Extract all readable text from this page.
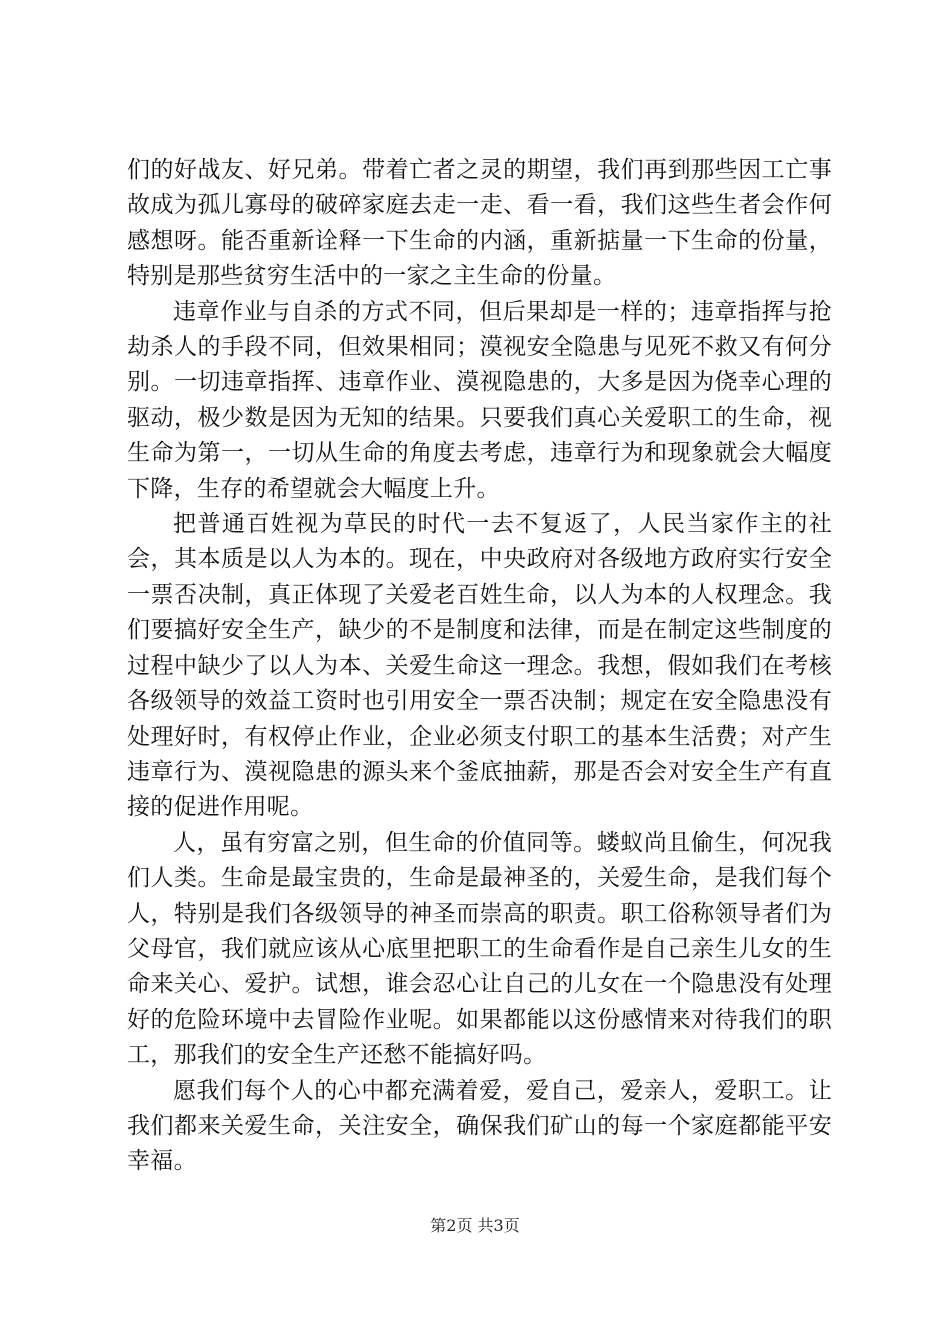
们的好战友、好兄弟。带着亡者之灵的期望，我们再到那些因工亡事故成为孤儿寡母的破碎家庭去走一走、看一看，我们这些生者会作何感想呀。能否重新诠释一下生命的内涵，重新掂量一下生命的份量，特别是那些贫穷生活中的一家之主生命的份量。

违章作业与自杀的方式不同，但后果却是一样的；违章指挥与抢劫杀人的手段不同，但效果相同；漠视安全隐患与见死不救又有何分别。一切违章指挥、违章作业、漠视隐患的，大多是因为侥幸心理的驱动，极少数是因为无知的结果。只要我们真心关爱职工的生命，视生命为第一，一切从生命的角度去考虑，违章行为和现象就会大幅度下降，生存的希望就会大幅度上升。

把普通百姓视为草民的时代一去不复返了，人民当家作主的社会，其本质是以人为本的。现在，中央政府对各级地方政府实行安全一票否决制，真正体现了关爱老百姓生命，以人为本的人权理念。我们要搞好安全生产，缺少的不是制度和法律，而是在制定这些制度的过程中缺少了以人为本、关爱生命这一理念。我想，假如我们在考核各级领导的效益工资时也引用安全一票否决制；规定在安全隐患没有处理好时，有权停止作业，企业必须支付职工的基本生活费；对产生违章行为、漠视隐患的源头来个釜底抽薪，那是否会对安全生产有直接的促进作用呢。

人，虽有穷富之别，但生命的价值同等。蝼蚁尚且偷生，何况我们人类。生命是最宝贵的，生命是最神圣的，关爱生命，是我们每个人，特别是我们各级领导的神圣而崇高的职责。职工俗称领导者们为父母官，我们就应该从心底里把职工的生命看作是自己亲生儿女的生命来关心、爱护。试想，谁会忍心让自己的儿女在一个隐患没有处理好的危险环境中去冒险作业呢。如果都能以这份感情来对待我们的职工，那我们的安全生产还愁不能搞好吗。

愿我们每个人的心中都充满着爱，爱自己，爱亲人，爱职工。让我们都来关爱生命，关注安全，确保我们矿山的每一个家庭都能平安幸福。

第2页 共3页
